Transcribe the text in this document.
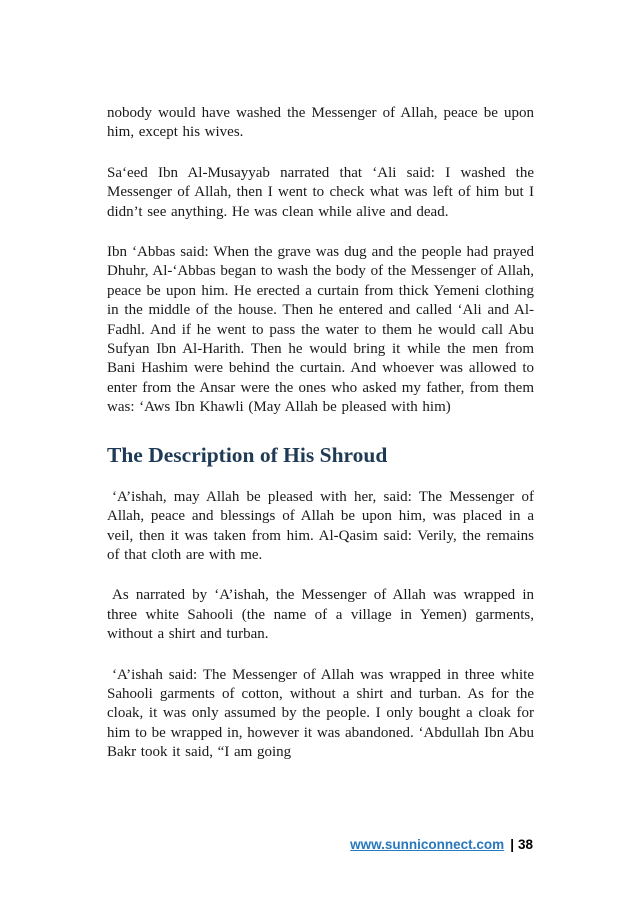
nobody would have washed the Messenger of Allah, peace be upon him, except his wives.

Sa‘eed Ibn Al-Musayyab narrated that ‘Ali said: I washed the Messenger of Allah, then I went to check what was left of him but I didn’t see anything. He was clean while alive and dead.

Ibn ‘Abbas said: When the grave was dug and the people had prayed Dhuhr, Al-‘Abbas began to wash the body of the Messenger of Allah, peace be upon him. He erected a curtain from thick Yemeni clothing in the middle of the house. Then he entered and called ‘Ali and Al-Fadhl. And if he went to pass the water to them he would call Abu Sufyan Ibn Al-Harith. Then he would bring it while the men from Bani Hashim were behind the curtain. And whoever was allowed to enter from the Ansar were the ones who asked my father, from them was: ‘Aws Ibn Khawli (May Allah be pleased with him)

The Description of His Shroud

‘A’ishah, may Allah be pleased with her, said: The Messenger of Allah, peace and blessings of Allah be upon him, was placed in a veil, then it was taken from him. Al-Qasim said: Verily, the remains of that cloth are with me.

As narrated by ‘A’ishah, the Messenger of Allah was wrapped in three white Sahooli (the name of a village in Yemen) garments, without a shirt and turban.

‘A’ishah said: The Messenger of Allah was wrapped in three white Sahooli garments of cotton, without a shirt and turban. As for the cloak, it was only assumed by the people. I only bought a cloak for him to be wrapped in, however it was abandoned. ‘Abdullah Ibn Abu Bakr took it said, “I am going

www.sunniconnect.com | 38
